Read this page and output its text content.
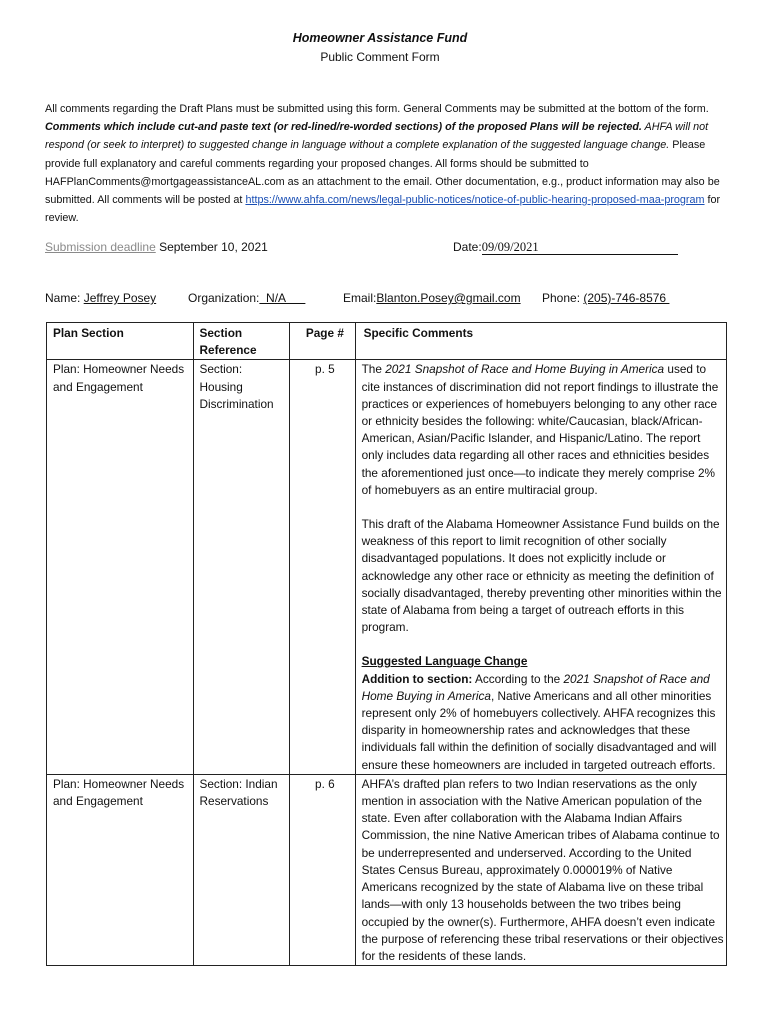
Homeowner Assistance Fund
Public Comment Form
All comments regarding the Draft Plans must be submitted using this form. General Comments may be submitted at the bottom of the form. Comments which include cut-and paste text (or red-lined/re-worded sections) of the proposed Plans will be rejected. AHFA will not respond (or seek to interpret) to suggested change in language without a complete explanation of the suggested language change. Please provide full explanatory and careful comments regarding your proposed changes. All forms should be submitted to HAFPlanComments@mortgageassistanceAL.com as an attachment to the email. Other documentation, e.g., product information may also be submitted. All comments will be posted at https://www.ahfa.com/news/legal-public-notices/notice-of-public-hearing-proposed-maa-program for review.
Submission deadline September 10, 2021	Date:09/09/2021
Name: Jeffrey Posey	Organization:  N/A	Email:Blanton.Posey@gmail.com Phone: (205)-746-8576
Plan Section	Section Reference	Page #	Specific Comments
Plan: Homeowner Needs and Engagement	Section: Housing Discrimination	p. 5	The 2021 Snapshot of Race and Home Buying in America used to cite instances of discrimination did not report findings to illustrate the practices or experiences of homebuyers belonging to any other race or ethnicity besides the following: white/Caucasian, black/African-American, Asian/Pacific Islander, and Hispanic/Latino. The report only includes data regarding all other races and ethnicities besides the aforementioned just once—to indicate they merely comprise 2% of homebuyers as an entire multiracial group.

This draft of the Alabama Homeowner Assistance Fund builds on the weakness of this report to limit recognition of other socially disadvantaged populations. It does not explicitly include or acknowledge any other race or ethnicity as meeting the definition of socially disadvantaged, thereby preventing other minorities within the state of Alabama from being a target of outreach efforts in this program.

Suggested Language Change
Addition to section: According to the 2021 Snapshot of Race and Home Buying in America, Native Americans and all other minorities represent only 2% of homebuyers collectively. AHFA recognizes this disparity in homeownership rates and acknowledges that these individuals fall within the definition of socially disadvantaged and will ensure these homeowners are included in targeted outreach efforts.

Plan: Homeowner Needs and Engagement	Section: Indian Reservations	p. 6	AHFA’s drafted plan refers to two Indian reservations as the only mention in association with the Native American population of the state. Even after collaboration with the Alabama Indian Affairs Commission, the nine Native American tribes of Alabama continue to be underrepresented and underserved. According to the United States Census Bureau, approximately 0.000019% of Native Americans recognized by the state of Alabama live on these tribal lands—with only 13 households between the two tribes being occupied by the owner(s). Furthermore, AHFA doesn’t even indicate the purpose of referencing these tribal reservations or their objectives for the residents of these lands.
